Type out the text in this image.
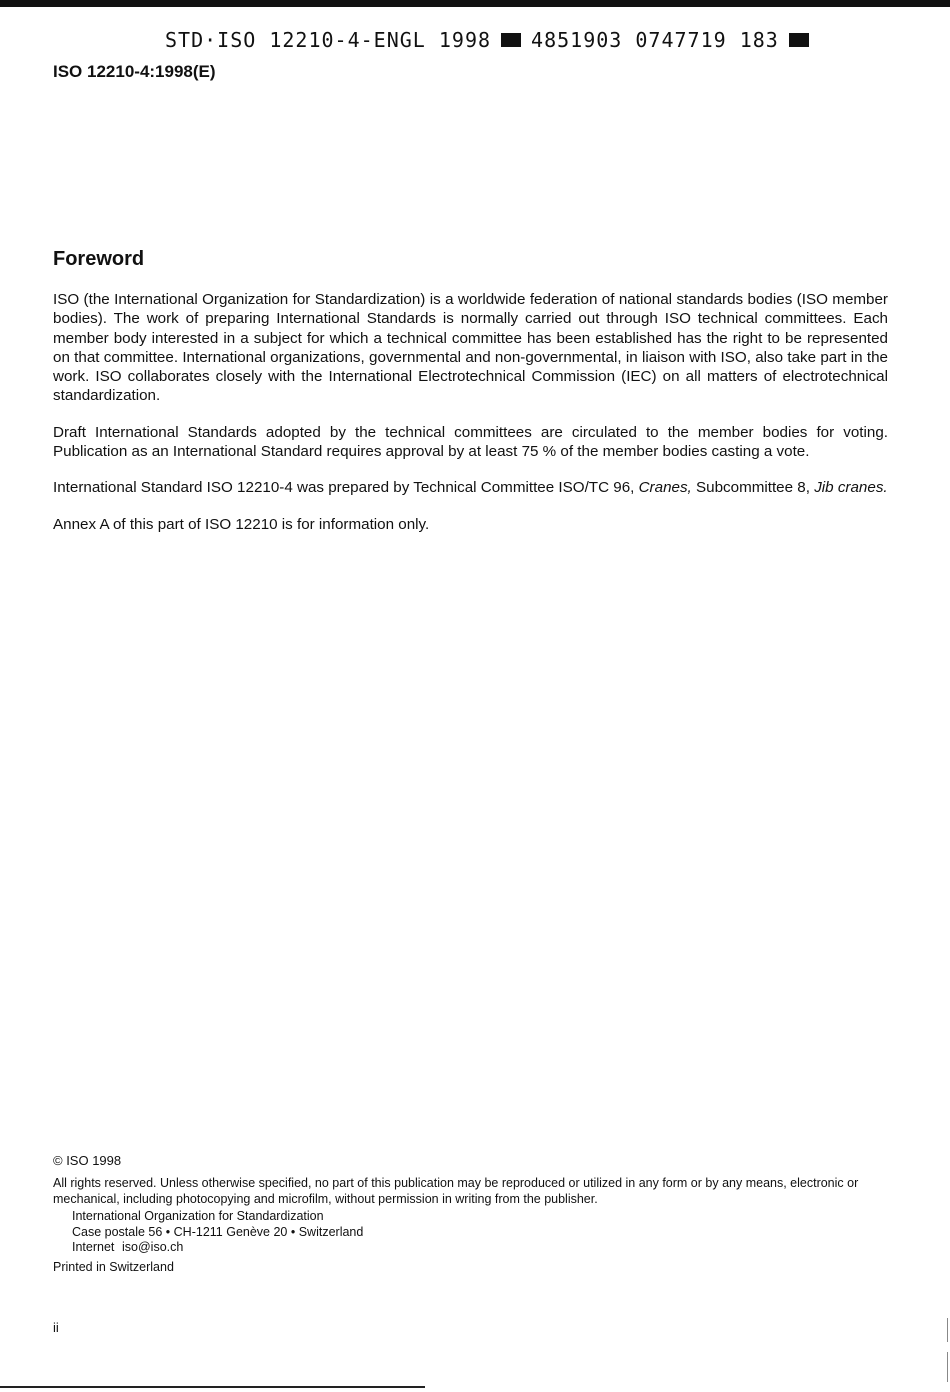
STD·ISO 12210-4-ENGL 1998 4851903 0747719 183
ISO 12210-4:1998(E)
Foreword

ISO (the International Organization for Standardization) is a worldwide federation of national standards bodies (ISO member bodies). The work of preparing International Standards is normally carried out through ISO technical committees. Each member body interested in a subject for which a technical committee has been established has the right to be represented on that committee. International organizations, governmental and non-governmental, in liaison with ISO, also take part in the work. ISO collaborates closely with the International Electrotechnical Commission (IEC) on all matters of electrotechnical standardization.

Draft International Standards adopted by the technical committees are circulated to the member bodies for voting. Publication as an International Standard requires approval by at least 75 % of the member bodies casting a vote.

International Standard ISO 12210-4 was prepared by Technical Committee ISO/TC 96, Cranes, Subcommittee 8, Jib cranes.

Annex A of this part of ISO 12210 is for information only.

© ISO 1998
All rights reserved. Unless otherwise specified, no part of this publication may be reproduced or utilized in any form or by any means, electronic or mechanical, including photocopying and microfilm, without permission in writing from the publisher.
International Organization for Standardization
Case postale 56 • CH-1211 Genève 20 • Switzerland
Internet iso@iso.ch
Printed in Switzerland
ii
